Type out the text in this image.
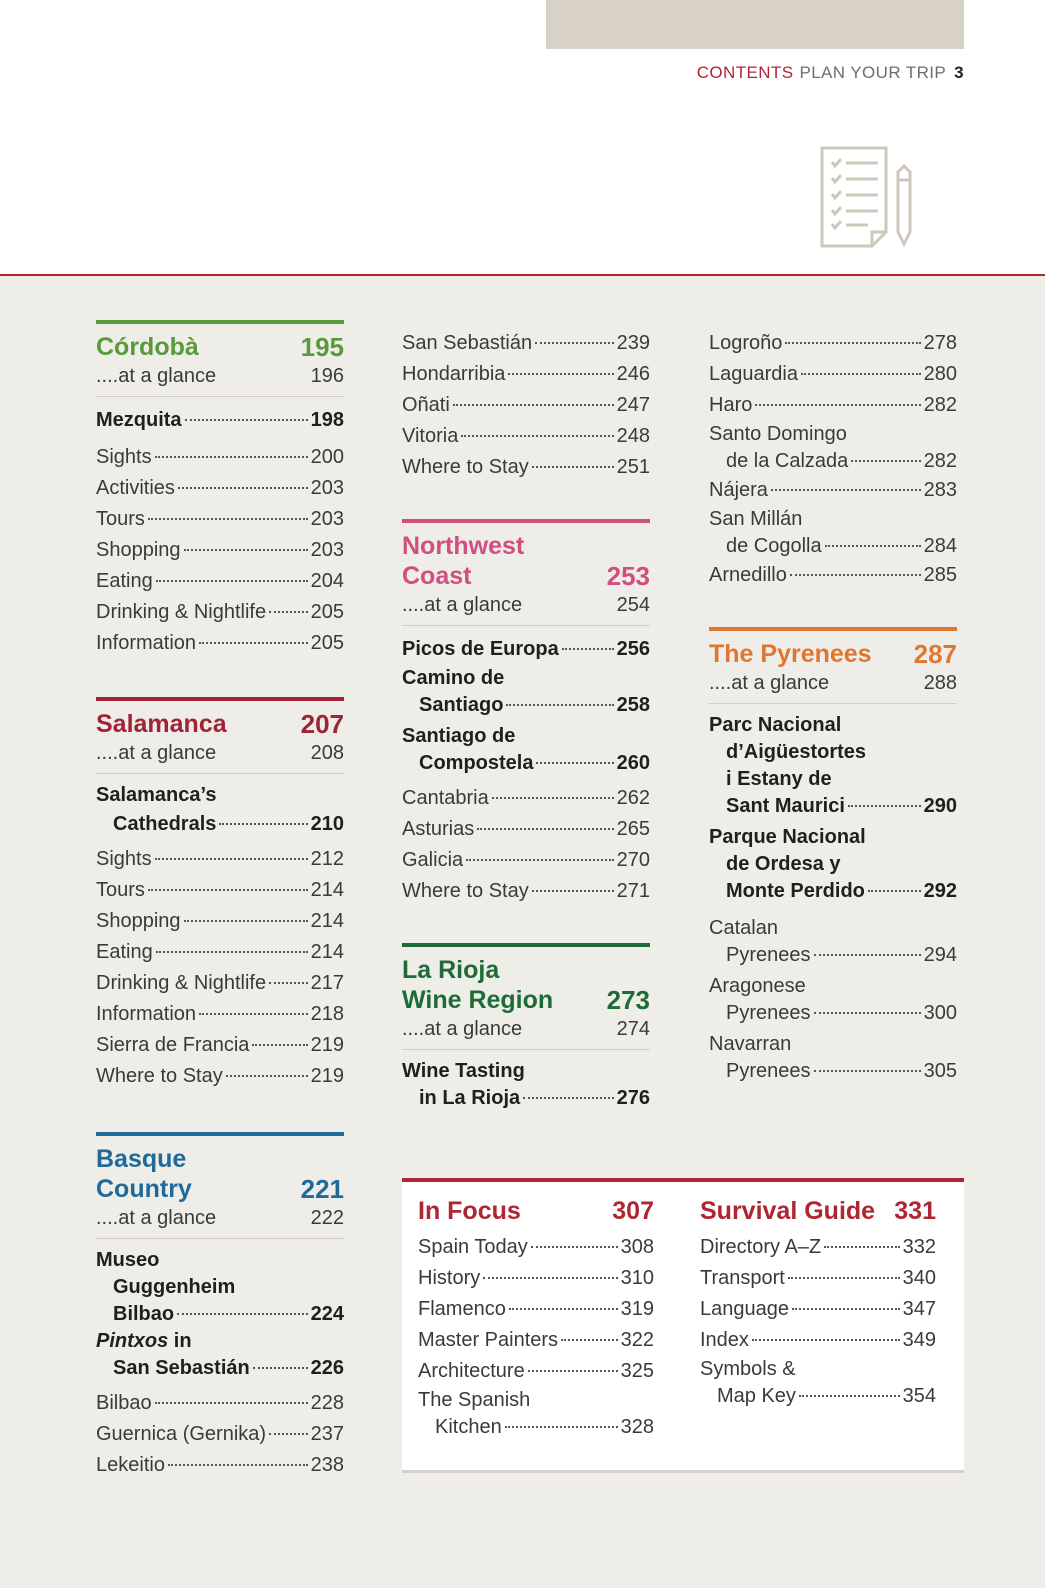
CONTENTS PLAN YOUR TRIP 3
Córdobà	195
....at a glance	196
Mezquita	198
Sights	200
Activities	203
Tours	203
Shopping	203
Eating	204
Drinking & Nightlife 205
Information	205
Salamanca	207
....at a glance	208
Salamanca’s
Cathedrals	210
Sights	212
Tours	214
Shopping	214
Eating	214
Drinking & Nightlife 217
Information	218
Sierra de Francia	219
Where to Stay	219
Basque
Country	221
....at a glance	222
Museo
Guggenheim
Bilbao	224
Pintxos in
San Sebastián	226
Bilbao	228
Guernica (Gernika) 237
Lekeitio	238
San Sebastián	239
Hondarribia	246
Oñati	247
Vitoria	248
Where to Stay	251
Northwest
Coast	253
....at a glance	254
Picos de Europa	256
Camino de
Santiago	258
Santiago de
Compostela	260
Cantabria	262
Asturias	265
Galicia	270
Where to Stay	271
La Rioja
Wine Region 273
....at a glance	274
Wine Tasting
in La Rioja	276
Logroño	278
Laguardia	280
Haro	282
Santo Domingo
de la Calzada	282
Nájera	283
San Millán
de Cogolla	284
Arnedillo	285
The Pyrenees 287
....at a glance	288
Parc Nacional
d’Aigüestortes
i Estany de
Sant Maurici	290
Parque Nacional
de Ordesa y
Monte Perdido	292
Catalan
Pyrenees	294
Aragonese
Pyrenees	300
Navarran
Pyrenees	305
In Focus	307
Spain Today	308
History	310
Flamenco	319
Master Painters	322
Architecture	325
The Spanish
Kitchen	328
Survival Guide 331
Directory A–Z	332
Transport	340
Language	347
Index	349
Symbols &
Map Key	354
